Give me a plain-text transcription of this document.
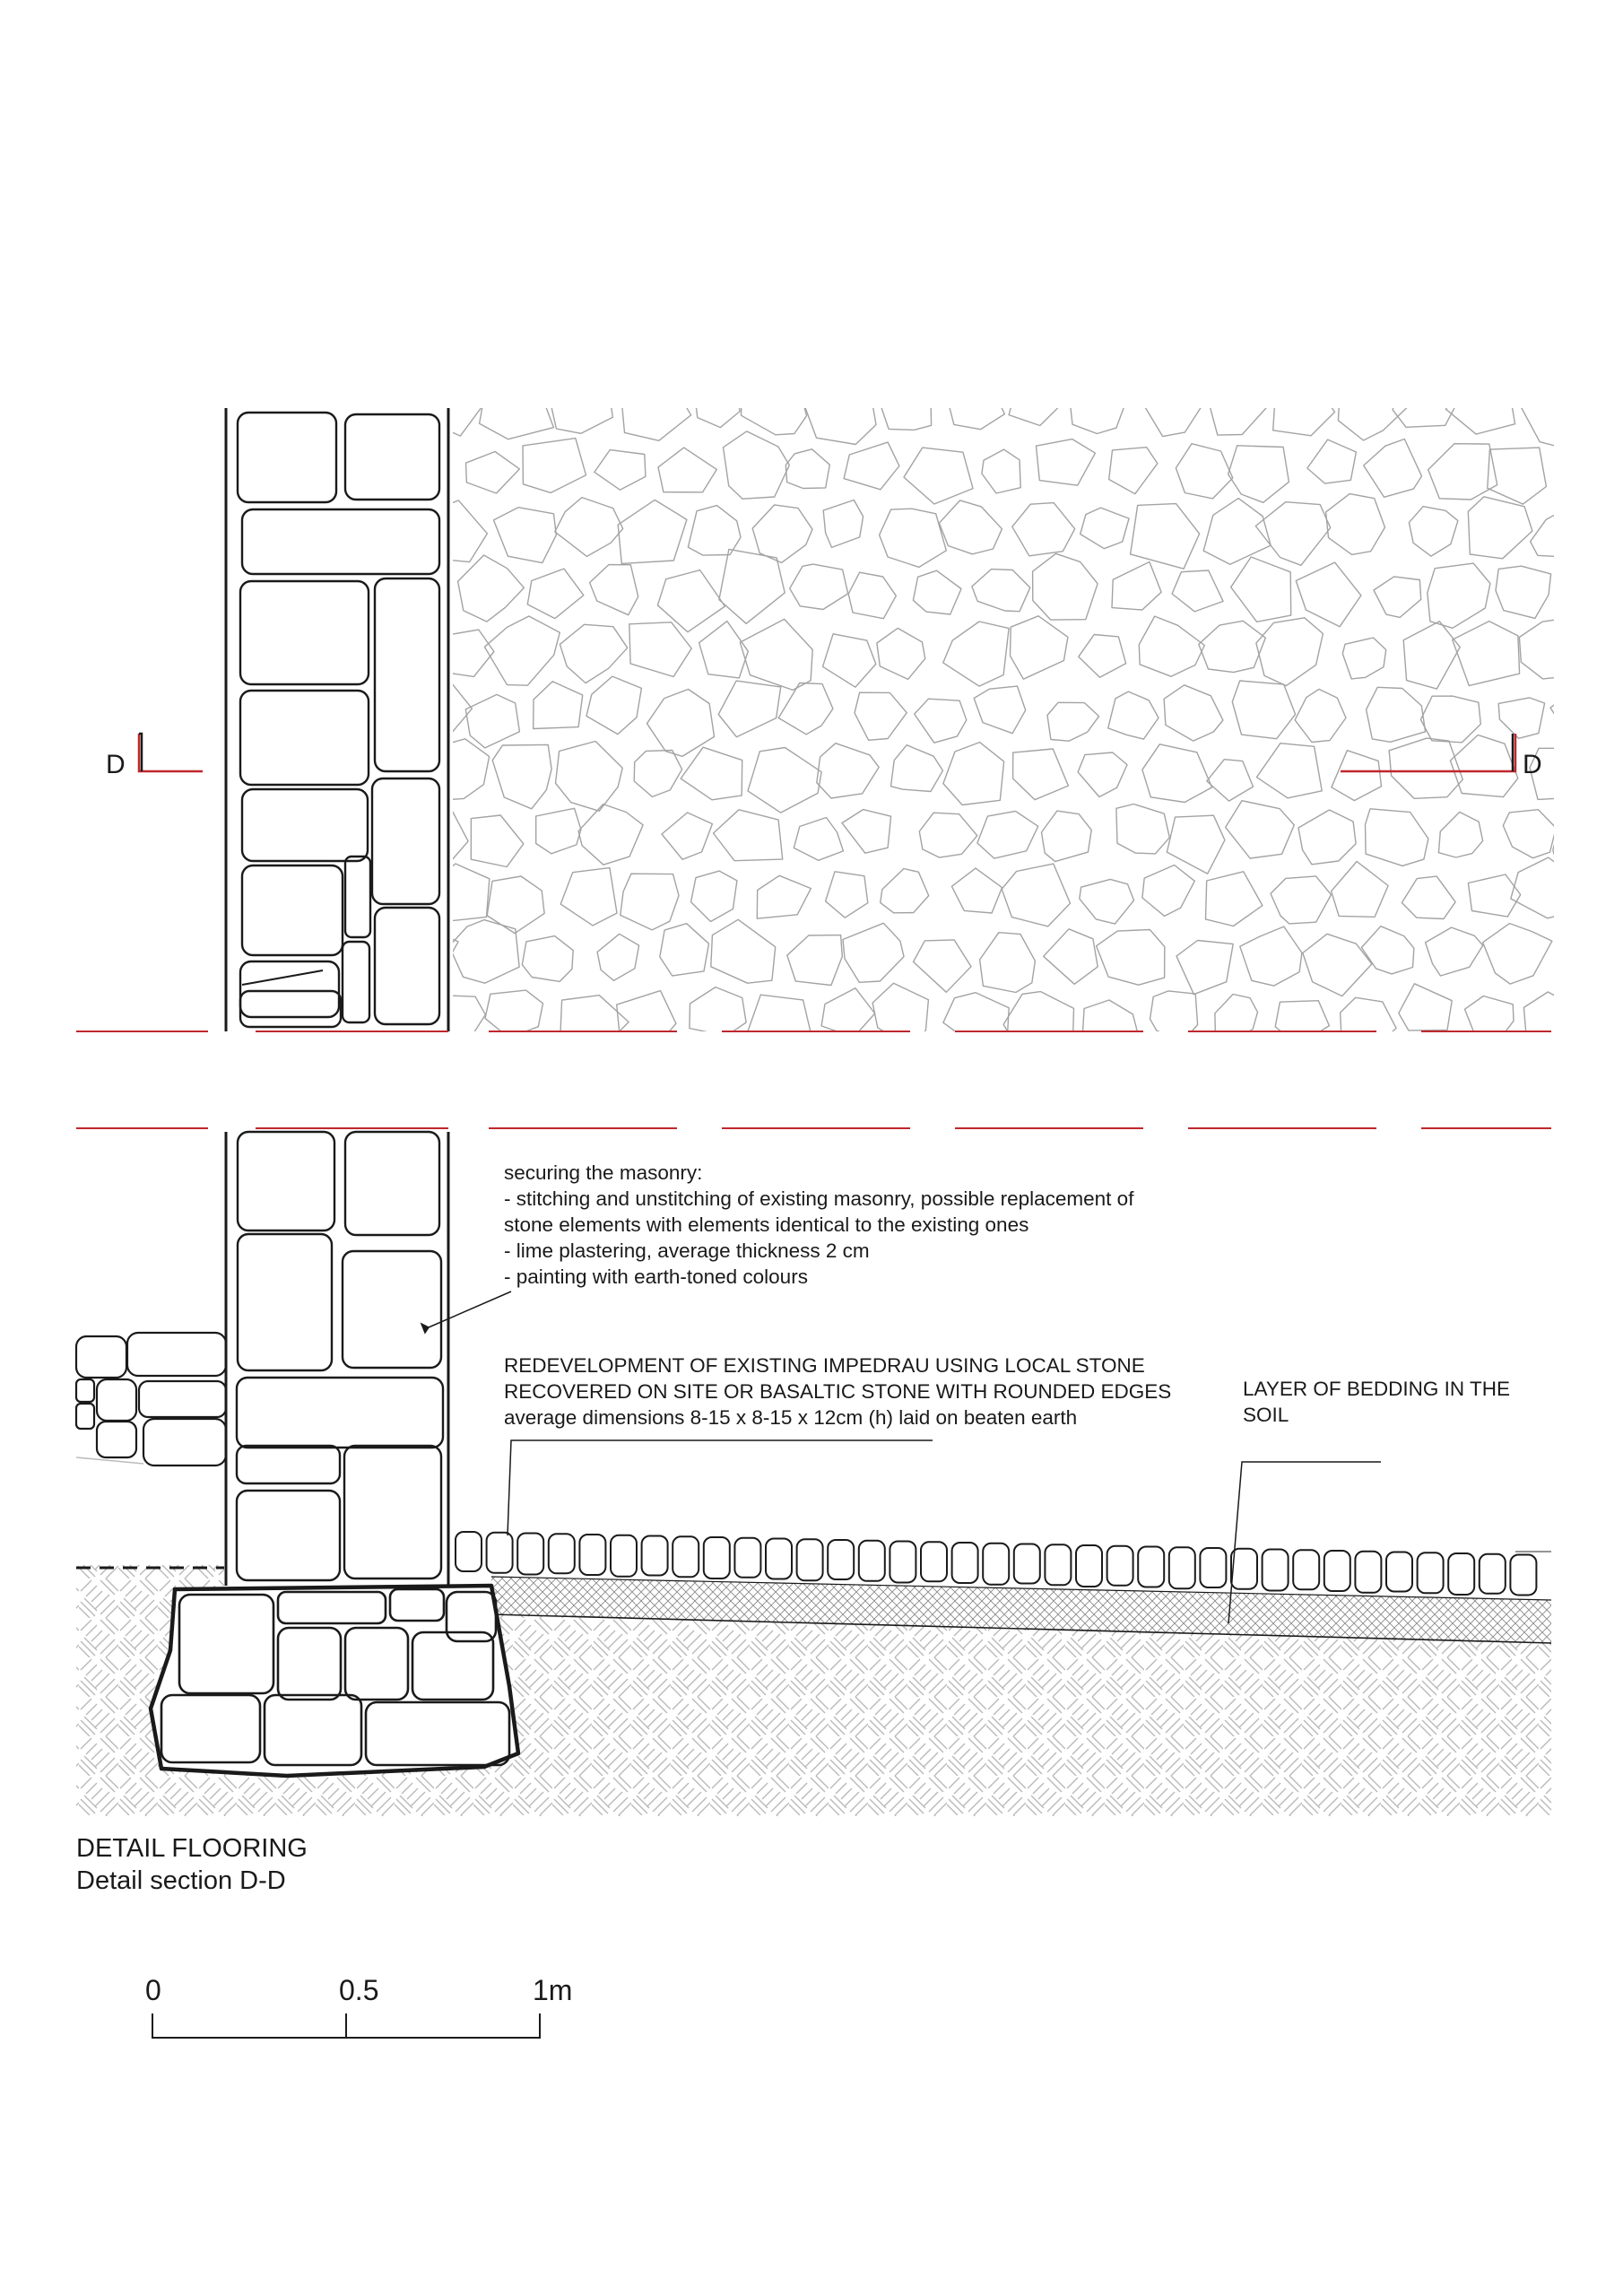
D	D
securing the masonry:
- stitching and unstitching of existing masonry, possible replacement of
stone elements with elements identical to the existing ones
- lime plastering, average thickness 2 cm
- painting with earth-toned colours
REDEVELOPMENT OF EXISTING IMPEDRAU USING LOCAL STONE
RECOVERED ON SITE OR BASALTIC STONE WITH ROUNDED EDGES
average dimensions 8-15 x 8-15 x 12cm (h) laid on beaten earth
LAYER OF BEDDING IN THE
SOIL
DETAIL FLOORING
Detail section D-D
0	0.5	1m
